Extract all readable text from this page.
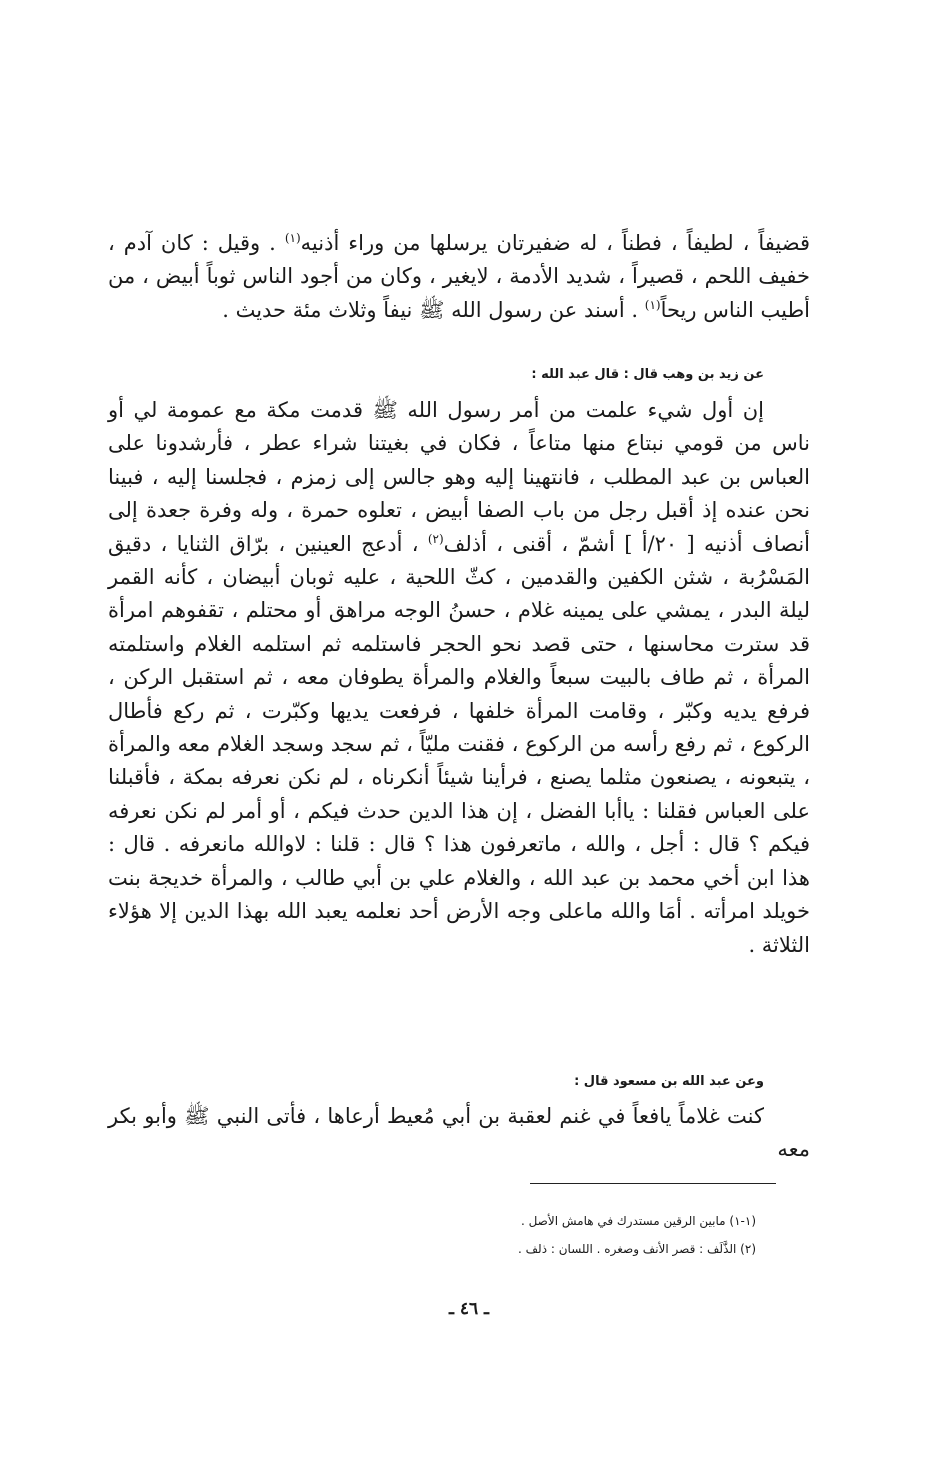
قضيفاً ، لطيفاً ، فطناً ، له ضفيرتان يرسلها من وراء أذنيه$^{(١)}$ . وقيل : كان آدم ، خفيف اللحم ، قصيراً ، شديد الأدمة ، لايغير ، وكان من أجود الناس ثوباً أبيض ، من أطيب الناس ريحاً$^{(١)}$ . أسند عن رسول الله ﷺ نيفاً وثلاث مئة حديث .

عن زيد بن وهب قال : قال عبد الله :

إن أول شيء علمت من أمر رسول الله ﷺ قدمت مكة مع عمومة لي أو ناس من قومي نبتاع منها متاعاً ، فكان في بغيتنا شراء عطر ، فأرشدونا على العباس بن عبد المطلب ، فانتهينا إليه وهو جالس إلى زمزم ، فجلسنا إليه ، فبينا نحن عنده إذ أقبل رجل من باب الصفا أبيض ، تعلوه حمرة ، وله وفرة جعدة إلى أنصاف أذنيه [ ٢٠/أ ] أشمّ ، أقنى ، أذلف$^{(٢)}$ ، أدعج العينين ، برّاق الثنايا ، دقيق المَسْرُبة ، شثن الكفين والقدمين ، كثّ اللحية ، عليه ثوبان أبيضان ، كأنه القمر ليلة البدر ، يمشي على يمينه غلام ، حسنُ الوجه مراهق أو محتلم ، تقفوهم امرأة قد سترت محاسنها ، حتى قصد نحو الحجر فاستلمه ثم استلمه الغلام واستلمته المرأة ، ثم طاف بالبيت سبعاً والغلام والمرأة يطوفان معه ، ثم استقبل الركن ، فرفع يديه وكبّر ، وقامت المرأة خلفها ، فرفعت يديها وكبّرت ، ثم ركع فأطال الركوع ، ثم رفع رأسه من الركوع ، فقنت مليّاً ، ثم سجد وسجد الغلام معه والمرأة ، يتبعونه ، يصنعون مثلما يصنع ، فرأينا شيئاً أنكرناه ، لم نكن نعرفه بمكة ، فأقبلنا على العباس فقلنا : ياأبا الفضل ، إن هذا الدين حدث فيكم ، أو أمر لم نكن نعرفه فيكم ؟ قال : أجل ، والله ، ماتعرفون هذا ؟ قال : قلنا : لاوالله مانعرفه . قال : هذا ابن أخي محمد بن عبد الله ، والغلام علي بن أبي طالب ، والمرأة خديجة بنت خويلد امرأته . أمَا والله ماعلى وجه الأرض أحد نعلمه يعبد الله بهذا الدين إلا هؤلاء الثلاثة .

وعن عبد الله بن مسعود قال :

كنت غلاماً يافعاً في غنم لعقبة بن أبي مُعيط أرعاها ، فأتى النبي ﷺ وأبو بكر معه

(١-١) مابين الرقين مستدرك في هامش الأصل .
(٢) الذَّلَف : قصر الأنف وصغره . اللسان : ذلف .
ـ ٤٦ ـ
